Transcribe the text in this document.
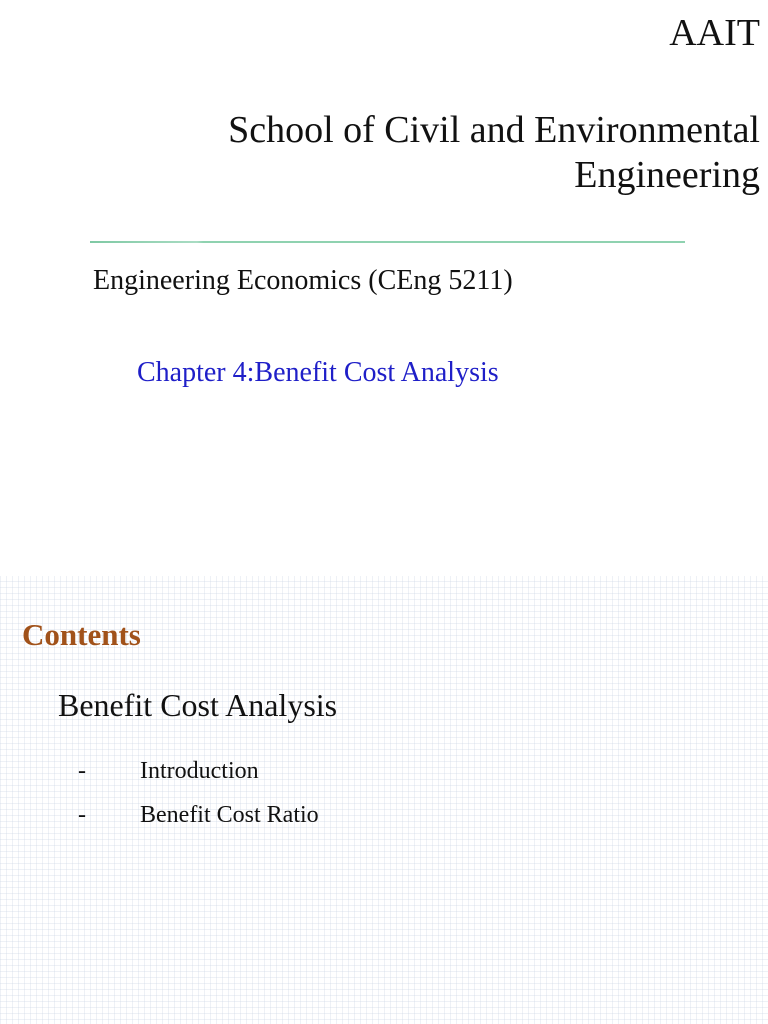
AAIT
School of Civil and Environmental
Engineering
Engineering Economics (CEng 5211)
Chapter 4:Benefit Cost Analysis
Contents
Benefit Cost Analysis
- Introduction
- Benefit Cost Ratio
